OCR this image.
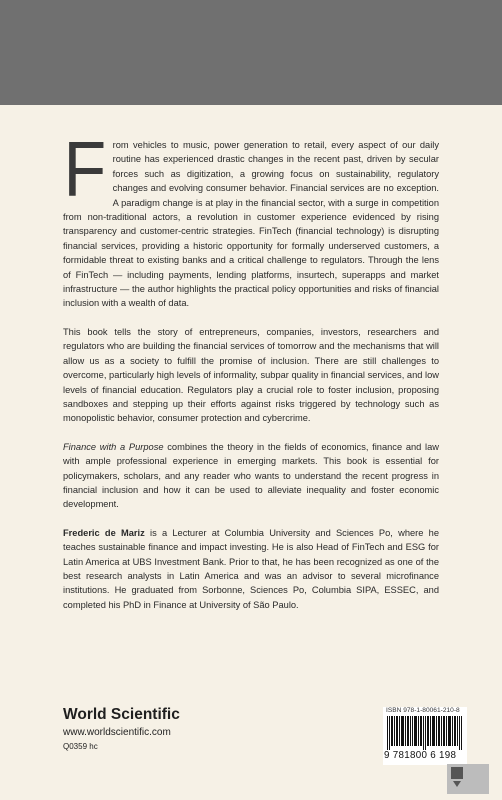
From vehicles to music, power generation to retail, every aspect of our daily routine has experienced drastic changes in the recent past, driven by secular forces such as digitization, a growing focus on sustainability, regulatory changes and evolving consumer behavior. Financial services are no exception. A paradigm change is at play in the financial sector, with a surge in competition from non-traditional actors, a revolution in customer experience evidenced by rising transparency and customer-centric strategies. FinTech (financial technology) is disrupting financial services, providing a historic opportunity for formally underserved customers, a formidable threat to existing banks and a critical challenge to regulators. Through the lens of FinTech — including payments, lending platforms, insurtech, superapps and market infrastructure — the author highlights the practical policy opportunities and risks of financial inclusion with a wealth of data.

This book tells the story of entrepreneurs, companies, investors, researchers and regulators who are building the financial services of tomorrow and the mechanisms that will allow us as a society to fulfill the promise of inclusion. There are still challenges to overcome, particularly high levels of informality, subpar quality in financial services, and low levels of financial education. Regulators play a crucial role to foster inclusion, proposing sandboxes and stepping up their efforts against risks triggered by technology such as monopolistic behavior, consumer protection and cybercrime.

Finance with a Purpose combines the theory in the fields of economics, finance and law with ample professional experience in emerging markets. This book is essential for policymakers, scholars, and any reader who wants to understand the recent progress in financial inclusion and how it can be used to alleviate inequality and foster economic development.

Frederic de Mariz is a Lecturer at Columbia University and Sciences Po, where he teaches sustainable finance and impact investing. He is also Head of FinTech and ESG for Latin America at UBS Investment Bank. Prior to that, he has been recognized as one of the best research analysts in Latin America and was an advisor to several microfinance institutions. He graduated from Sorbonne, Sciences Po, Columbia SIPA, ESSEC, and completed his PhD in Finance at University of São Paulo.

World Scientific
www.worldscientific.com
Q0359 hc
ISBN 978-1-80061-210-8
9 781800 6 198
